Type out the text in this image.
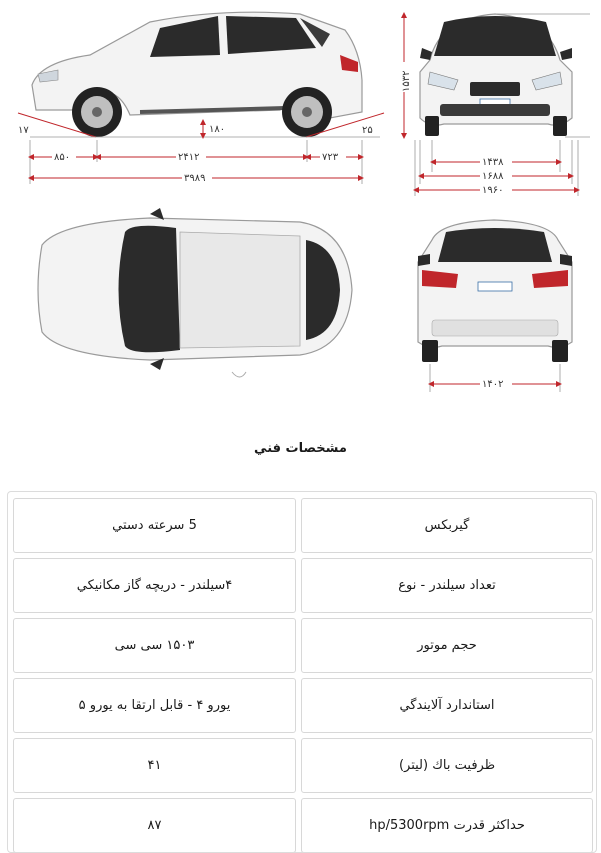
۱۷	۲۵
۱۸۰
۸۵۰	۲۴۱۲	۷۲۳
۳۹۸۹
۱۵۳۲
۱۴۳۸
۱۶۸۸
۱۹۶۰
۱۴۰۲
مشخصات فني
5 سرعته دستي	گيربكس
۴سيلندر - دريچه گاز مكانيكي	تعداد سيلندر - نوع
۱۵۰۳ سی سی	حجم موتور
يورو ۴ - قابل ارتقا به يورو ۵	استاندارد آلايندگي
۴۱	ظرفيت باك (ليتر)
۸۷	حداكثر قدرت hp/5300rpm
